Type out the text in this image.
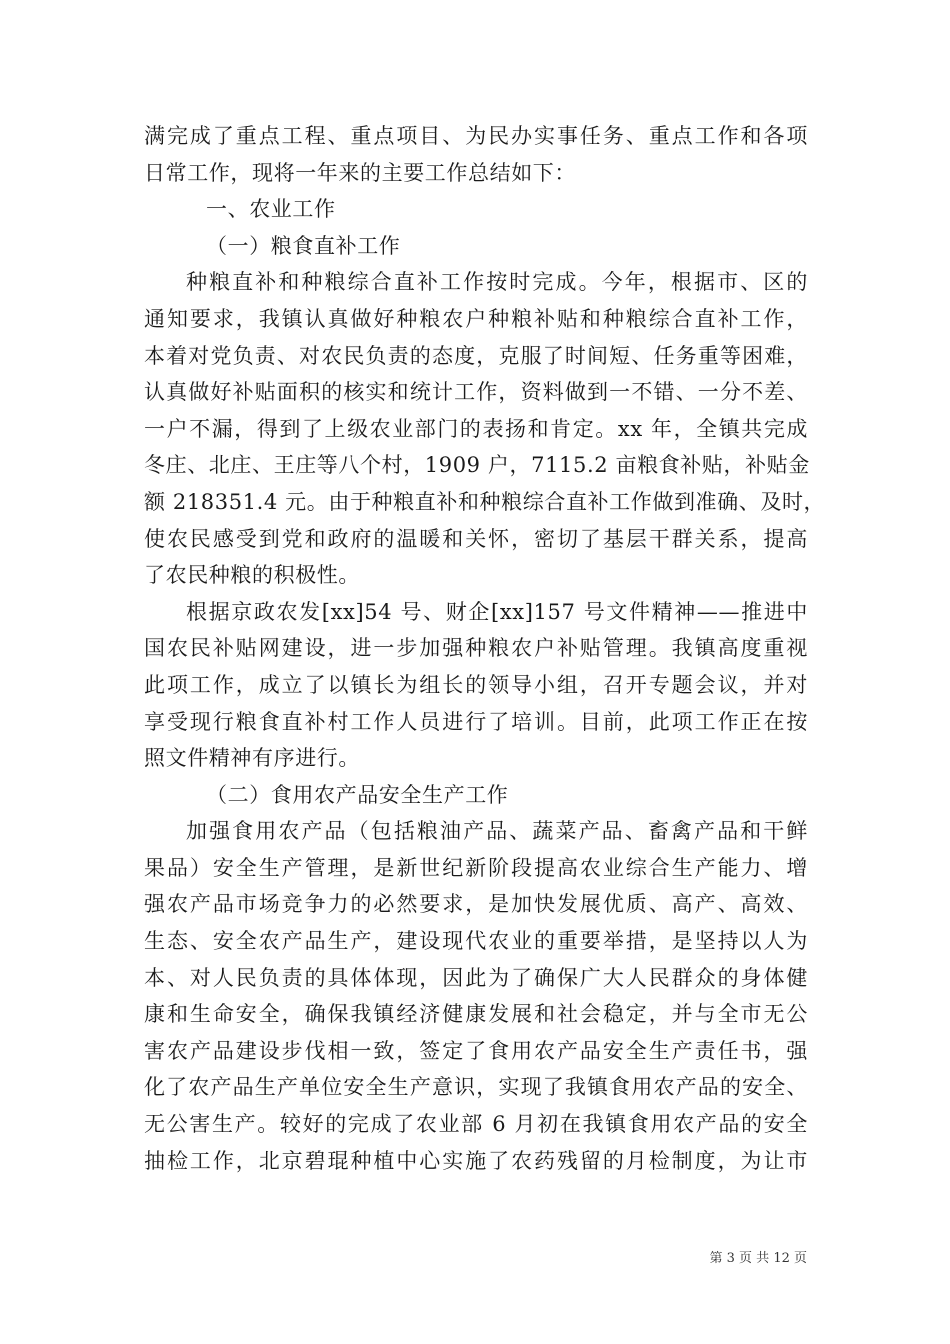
满完成了重点工程、重点项目、为民办实事任务、重点工作和各项
日常工作，现将一年来的主要工作总结如下：
一、农业工作
（一）粮食直补工作
种粮直补和种粮综合直补工作按时完成。今年，根据市、区的
通知要求，我镇认真做好种粮农户种粮补贴和种粮综合直补工作，
本着对党负责、对农民负责的态度，克服了时间短、任务重等困难，
认真做好补贴面积的核实和统计工作，资料做到一不错、一分不差、
一户不漏，得到了上级农业部门的表扬和肯定。xx 年，全镇共完成
冬庄、北庄、王庄等八个村，1909 户，7115.2 亩粮食补贴，补贴金
额 218351.4 元。由于种粮直补和种粮综合直补工作做到准确、及时，
使农民感受到党和政府的温暖和关怀，密切了基层干群关系，提高
了农民种粮的积极性。
根据京政农发[xx]54 号、财企[xx]157 号文件精神——推进中
国农民补贴网建设，进一步加强种粮农户补贴管理。我镇高度重视
此项工作，成立了以镇长为组长的领导小组，召开专题会议，并对
享受现行粮食直补村工作人员进行了培训。目前，此项工作正在按
照文件精神有序进行。
（二）食用农产品安全生产工作
加强食用农产品（包括粮油产品、蔬菜产品、畜禽产品和干鲜
果品）安全生产管理，是新世纪新阶段提高农业综合生产能力、增
强农产品市场竞争力的必然要求，是加快发展优质、高产、高效、
生态、安全农产品生产，建设现代农业的重要举措，是坚持以人为
本、对人民负责的具体体现，因此为了确保广大人民群众的身体健
康和生命安全，确保我镇经济健康发展和社会稳定，并与全市无公
害农产品建设步伐相一致，签定了食用农产品安全生产责任书，强
化了农产品生产单位安全生产意识，实现了我镇食用农产品的安全、
无公害生产。较好的完成了农业部 6 月初在我镇食用农产品的安全
抽检工作，北京碧琨种植中心实施了农药残留的月检制度，为让市
第 3 页 共 12 页
